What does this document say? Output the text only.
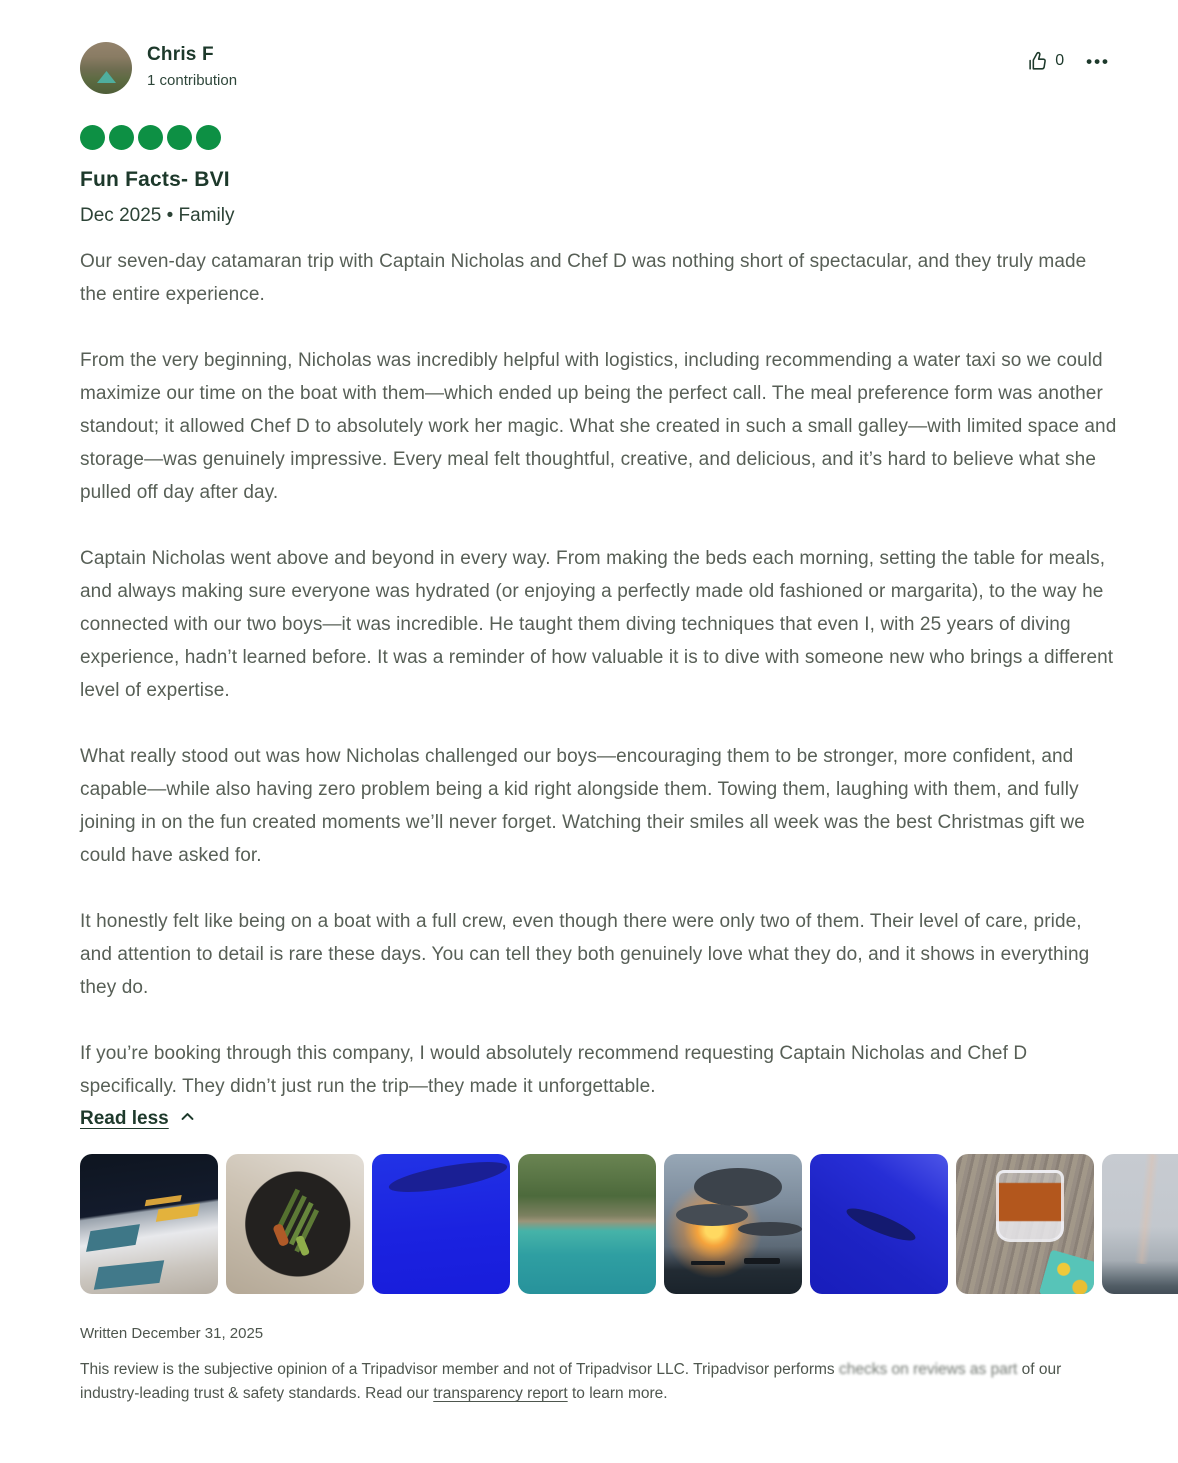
Chris F
1 contribution
0 •••
Fun Facts- BVI
Dec 2025 • Family

Our seven-day catamaran trip with Captain Nicholas and Chef D was nothing short of spectacular, and they truly made the entire experience.

From the very beginning, Nicholas was incredibly helpful with logistics, including recommending a water taxi so we could maximize our time on the boat with them—which ended up being the perfect call. The meal preference form was another standout; it allowed Chef D to absolutely work her magic. What she created in such a small galley—with limited space and storage—was genuinely impressive. Every meal felt thoughtful, creative, and delicious, and it’s hard to believe what she pulled off day after day.

Captain Nicholas went above and beyond in every way. From making the beds each morning, setting the table for meals, and always making sure everyone was hydrated (or enjoying a perfectly made old fashioned or margarita), to the way he connected with our two boys—it was incredible. He taught them diving techniques that even I, with 25 years of diving experience, hadn’t learned before. It was a reminder of how valuable it is to dive with someone new who brings a different level of expertise.

What really stood out was how Nicholas challenged our boys—encouraging them to be stronger, more confident, and capable—while also having zero problem being a kid right alongside them. Towing them, laughing with them, and fully joining in on the fun created moments we’ll never forget. Watching their smiles all week was the best Christmas gift we could have asked for.

It honestly felt like being on a boat with a full crew, even though there were only two of them. Their level of care, pride, and attention to detail is rare these days. You can tell they both genuinely love what they do, and it shows in everything they do.

If you’re booking through this company, I would absolutely recommend requesting Captain Nicholas and Chef D specifically. They didn’t just run the trip—they made it unforgettable.

Read less
Written December 31, 2025

This review is the subjective opinion of a Tripadvisor member and not of Tripadvisor LLC. Tripadvisor performs checks on reviews as part of our industry-leading trust & safety standards. Read our transparency report to learn more.
